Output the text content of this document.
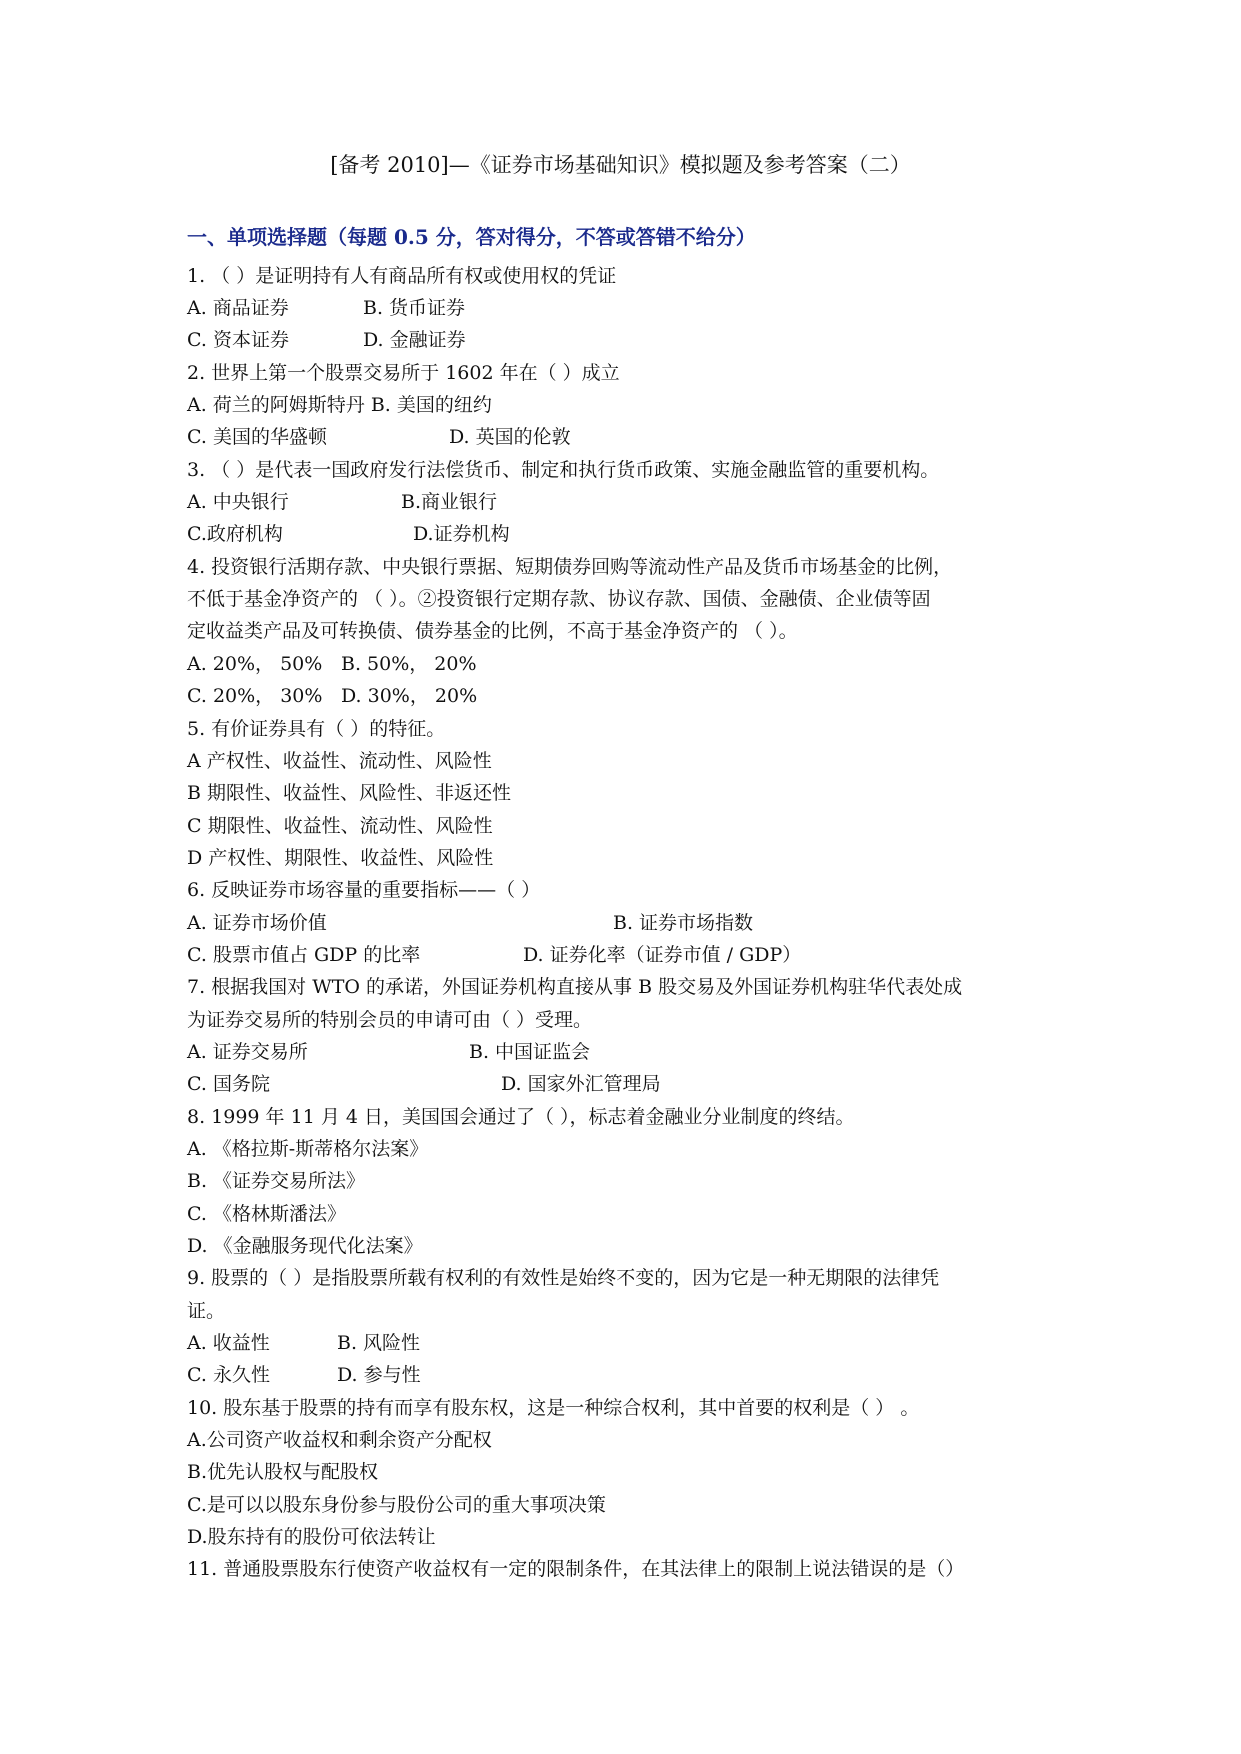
[备考 2010]—《证券市场基础知识》模拟题及参考答案（二）
一、单项选择题（每题 0.5 分，答对得分，不答或答错不给分）
1. （ ）是证明持有人有商品所有权或使用权的凭证
A. 商品证券	B. 货币证券
C. 资本证券	D. 金融证券
2. 世界上第一个股票交易所于 1602 年在（ ）成立
A. 荷兰的阿姆斯特丹 B. 美国的纽约
C. 美国的华盛顿	D. 英国的伦敦
3. （ ）是代表一国政府发行法偿货币、制定和执行货币政策、实施金融监管的重要机构。
A. 中央银行	B.商业银行
C.政府机构	D.证券机构
4. 投资银行活期存款、中央银行票据、短期债券回购等流动性产品及货币市场基金的比例，
不低于基金净资产的 （ ）。②投资银行定期存款、协议存款、国债、金融债、企业债等固
定收益类产品及可转换债、债券基金的比例，不高于基金净资产的 （ ）。
A. 20%， 50% B. 50%， 20%
C. 20%， 30% D. 30%， 20%
5. 有价证券具有（ ）的特征。
A 产权性、收益性、流动性、风险性
B 期限性、收益性、风险性、非返还性
C 期限性、收益性、流动性、风险性
D 产权性、期限性、收益性、风险性
6. 反映证券市场容量的重要指标——（ ）
A. 证券市场价值	B. 证券市场指数
C. 股票市值占 GDP 的比率	D. 证券化率（证券市值 / GDP）
7. 根据我国对 WTO 的承诺，外国证券机构直接从事 B 股交易及外国证券机构驻华代表处成
为证券交易所的特别会员的申请可由（ ）受理。
A. 证券交易所	B. 中国证监会
C. 国务院	D. 国家外汇管理局
8. 1999 年 11 月 4 日，美国国会通过了（ ），标志着金融业分业制度的终结。
A. 《格拉斯-斯蒂格尔法案》
B. 《证券交易所法》
C. 《格林斯潘法》
D. 《金融服务现代化法案》
9. 股票的（ ）是指股票所载有权利的有效性是始终不变的，因为它是一种无期限的法律凭
证。
A. 收益性	B. 风险性
C. 永久性	D. 参与性
10. 股东基于股票的持有而享有股东权，这是一种综合权利，其中首要的权利是（ ） 。
A.公司资产收益权和剩余资产分配权
B.优先认股权与配股权
C.是可以以股东身份参与股份公司的重大事项决策
D.股东持有的股份可依法转让
11. 普通股票股东行使资产收益权有一定的限制条件，在其法律上的限制上说法错误的是（）
